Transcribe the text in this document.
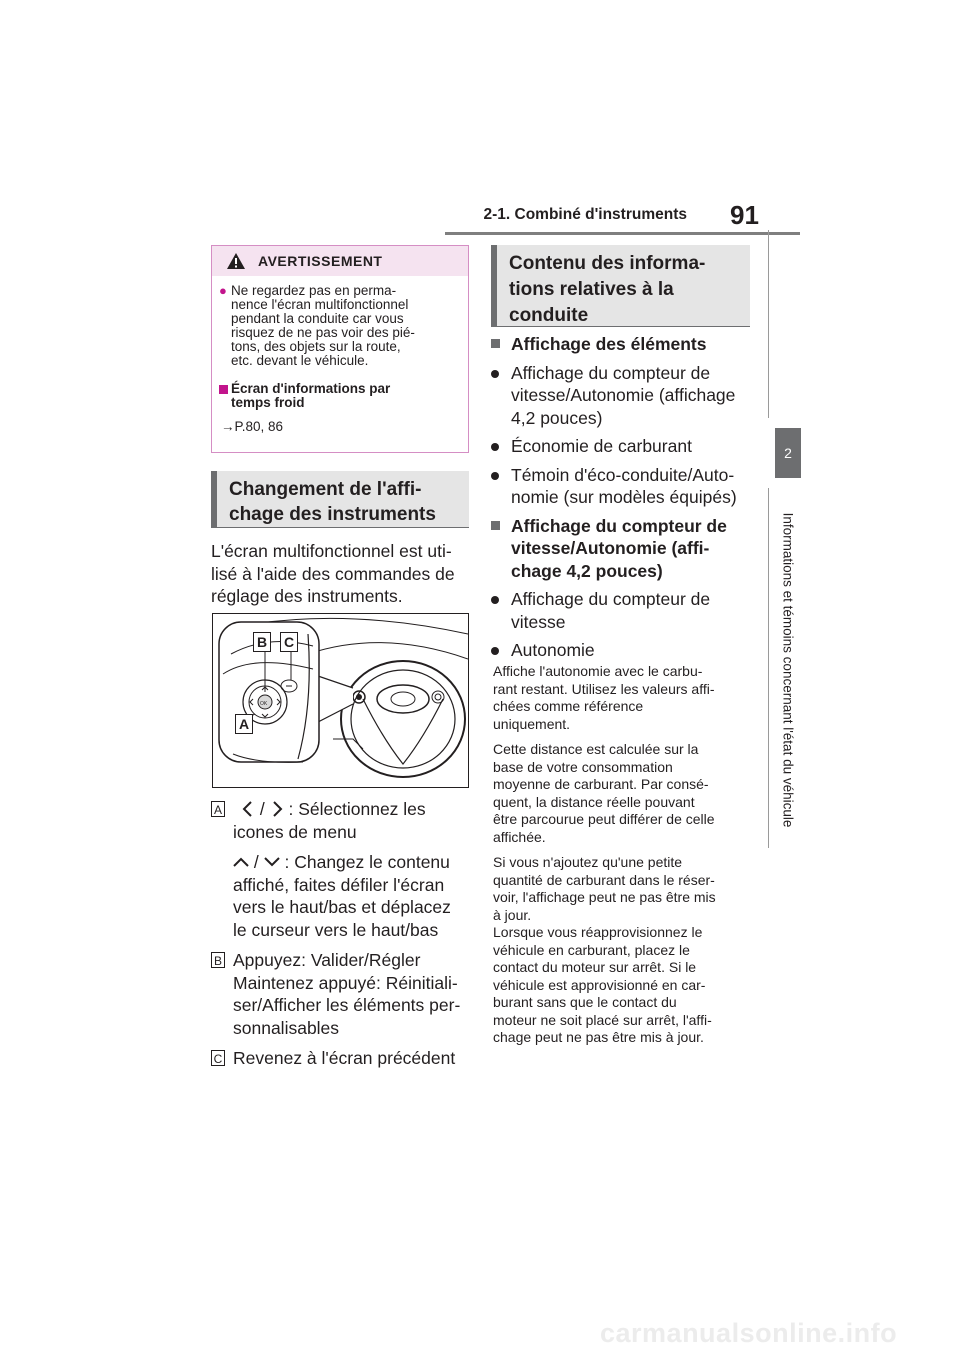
2-1. Combiné d'instruments 91
2
Informations et témoins concernant l'état du véhicule
AVERTISSEMENT
● Ne regardez pas en perma-
nence l'écran multifonctionnel
pendant la conduite car vous
risquez de ne pas voir des pié-
tons, des objets sur la route,
etc. devant le véhicule.
Écran d'informations par
temps froid
→P.80, 86
Changement de l'affi-
chage des instruments
L'écran multifonctionnel est uti-
lisé à l'aide des commandes de
réglage des instruments.
OK
B C
A
A	/ : Sélectionnez les
icones de menu
/ : Changez le contenu
affiché, faites défiler l'écran
vers le haut/bas et déplacez
le curseur vers le haut/bas
B Appuyez: Valider/Régler
Maintenez appuyé: Réinitiali-
ser/Afficher les éléments per-
sonnalisables
C Revenez à l'écran précédent
Contenu des informa-
tions relatives à la
conduite
Affichage des éléments
Affichage du compteur de
vitesse/Autonomie (affichage
4,2 pouces)
Économie de carburant
Témoin d'éco-conduite/Auto-
nomie (sur modèles équipés)
Affichage du compteur de
vitesse/Autonomie (affi-
chage 4,2 pouces)
Affichage du compteur de
vitesse
Autonomie
Affiche l'autonomie avec le carbu-
rant restant. Utilisez les valeurs affi-
chées comme référence
uniquement.
Cette distance est calculée sur la
base de votre consommation
moyenne de carburant. Par consé-
quent, la distance réelle pouvant
être parcourue peut différer de celle
affichée.
Si vous n'ajoutez qu'une petite
quantité de carburant dans le réser-
voir, l'affichage peut ne pas être mis
à jour.
Lorsque vous réapprovisionnez le
véhicule en carburant, placez le
contact du moteur sur arrêt. Si le
véhicule est approvisionné en car-
burant sans que le contact du
moteur ne soit placé sur arrêt, l'affi-
chage peut ne pas être mis à jour.
carmanualsonline.info
